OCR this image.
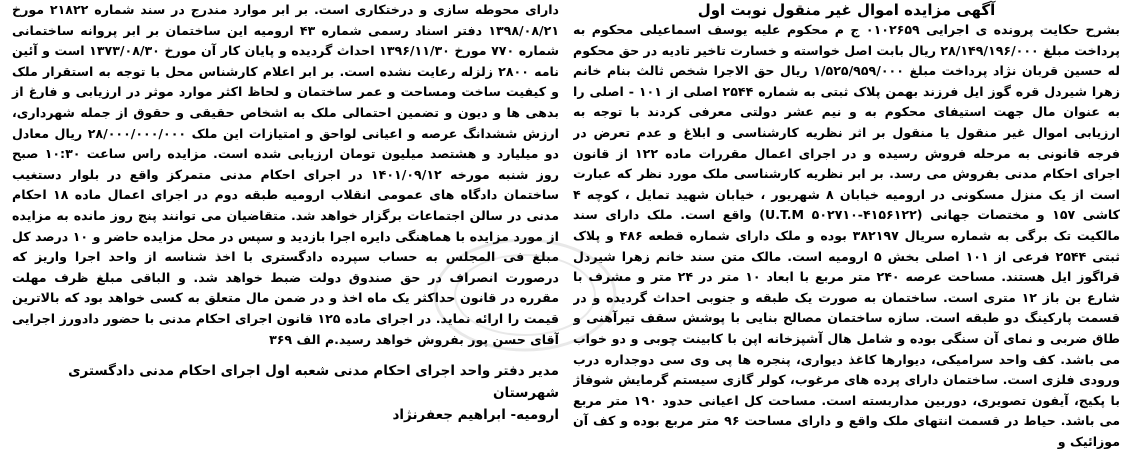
آگهی مزایده اموال غیر منقول نوبت اول

بشرح حکایت پرونده ی اجرایی ۰۱۰۲۶۵۹ ج م محکوم علیه یوسف اسماعیلی محکوم به پرداخت مبلغ ۲۸/۱۴۹/۱۹۶/۰۰۰ ریال بابت اصل خواسته و خسارت تاخیر تادیه در حق محکوم له حسین قربان نژاد پرداخت مبلغ ۱/۵۲۵/۹۵۹/۰۰۰ ریال حق الاجرا شخص ثالث بنام خانم زهرا شیردل قره گوز ایل فرزند بهمن پلاک ثبتی به شماره ۲۵۴۴ اصلی از ۱۰۱ - اصلی را به عنوان مال جهت استیفای محکوم به و نیم عشر دولتی معرفی کردند با توجه به ارزیابی اموال غیر منقول یا منقول بر اثر نظریه کارشناسی و ابلاغ و عدم تعرض در فرجه قانونی به مرحله فروش رسیده و در اجرای اعمال مقررات ماده ۱۲۲ از قانون اجرای احکام مدنی بفروش می رسد. بر ابر نظریه کارشناسی ملک مورد نظر که عبارت است از یک منزل مسکونی در ارومیه خیابان ۸ شهریور ، خیابان شهید تمایل ، کوچه ۴ کاشی ۱۵۷ و مختصات جهانی (U.T.M ۵۰۲۷۱۰-۴۱۵۶۱۲۲) واقع است. ملک دارای سند مالکیت تک برگی به شماره سریال ۳۸۲۱۹۷ بوده و ملک دارای شماره قطعه ۴۸۶ و پلاک ثبتی ۲۵۴۴ فرعی از ۱۰۱ اصلی بخش ۵ ارومیه است. مالک متن سند خانم زهرا شیردل قراگوز ایل هستند. مساحت عرصه ۲۴۰ متر مربع با ابعاد ۱۰ متر در ۲۴ متر و مشرف با شارع بن باز ۱۲ متری است. ساختمان به صورت یک طبقه و جنوبی احداث گردیده و در قسمت پارکینگ دو طبقه است. سازه ساختمان مصالح بنایی با پوشش سقف تیرآهنی و طاق ضربی و نمای آن سنگی بوده و شامل هال آشپزخانه اپن با کابینت چوبی و دو خواب می باشد. کف واحد سرامیکی، دیوارها کاغذ دیواری، پنجره ها پی وی سی دوجداره درب ورودی فلزی است. ساختمان دارای پرده های مرغوب، کولر گازی سیستم گرمایش شوفاژ با پکیج، آیفون تصویری، دوربین مداربسته است. مساحت کل اعیانی حدود ۱۹۰ متر مربع می باشد. حیاط در قسمت انتهای ملک واقع و دارای مساحت ۹۶ متر مربع بوده و کف آن موزائیک و

دارای محوطه سازی و درختکاری است. بر ابر موارد مندرج در سند شماره ۲۱۸۲۲ مورخ ۱۳۹۸/۰۸/۲۱ دفتر اسناد رسمی شماره ۴۳ ارومیه این ساختمان بر ابر پروانه ساختمانی شماره ۷۷۰ مورخ ۱۳۹۶/۱۱/۳۰ احداث گردیده و پایان کار آن مورخ ۱۳۷۳/۰۸/۳۰ است و آئین نامه ۲۸۰۰ زلزله رعایت نشده است. بر ابر اعلام کارشناس محل با توجه به استقرار ملک و کیفیت ساخت ومساحت و عمر ساختمان و لحاظ اکثر موارد موثر در ارزیابی و فارغ از بدهی ها و دیون و تضمین احتمالی ملک به اشخاص حقیقی و حقوق از جمله شهرداری، ارزش ششدانگ عرصه و اعیانی لواحق و امتیازات این ملک ۲۸/۰۰۰/۰۰۰/۰۰۰ ریال معادل دو میلیارد و هشتصد میلیون تومان ارزیابی شده است. مزایده راس ساعت ۱۰:۳۰ صبح روز شنبه مورخه ۱۴۰۱/۰۹/۱۲ در اجرای احکام مدنی متمرکز واقع در بلوار دستغیب ساختمان دادگاه های عمومی انقلاب ارومیه طبقه دوم در اجرای اعمال ماده ۱۸ احکام مدنی در سالن اجتماعات برگزار خواهد شد. متقاضیان می توانند پنج روز مانده به مزایده از مورد مزایده با هماهنگی دایره اجرا بازدید و سپس در محل مزایده حاضر و ۱۰ درصد کل مبلغ فی المجلس به حساب سپرده دادگستری با اخذ شناسه از واحد اجرا واریز که درصورت انصراف در حق صندوق دولت ضبط خواهد شد. و الباقی مبلغ ظرف مهلت مقرره در قانون حداکثر یک ماه اخذ و در ضمن مال متعلق به کسی خواهد بود که بالاترین قیمت را ارائه نماید. در اجرای ماده ۱۲۵ قانون اجرای احکام مدنی با حضور دادورز اجرایی آقای حسن پور بفروش خواهد رسید.م الف ۳۶۹

مدیر دفتر واحد اجرای احکام مدنی شعبه اول اجرای احکام مدنی دادگستری شهرستان
ارومیه- ابراهیم جعفرنژاد
